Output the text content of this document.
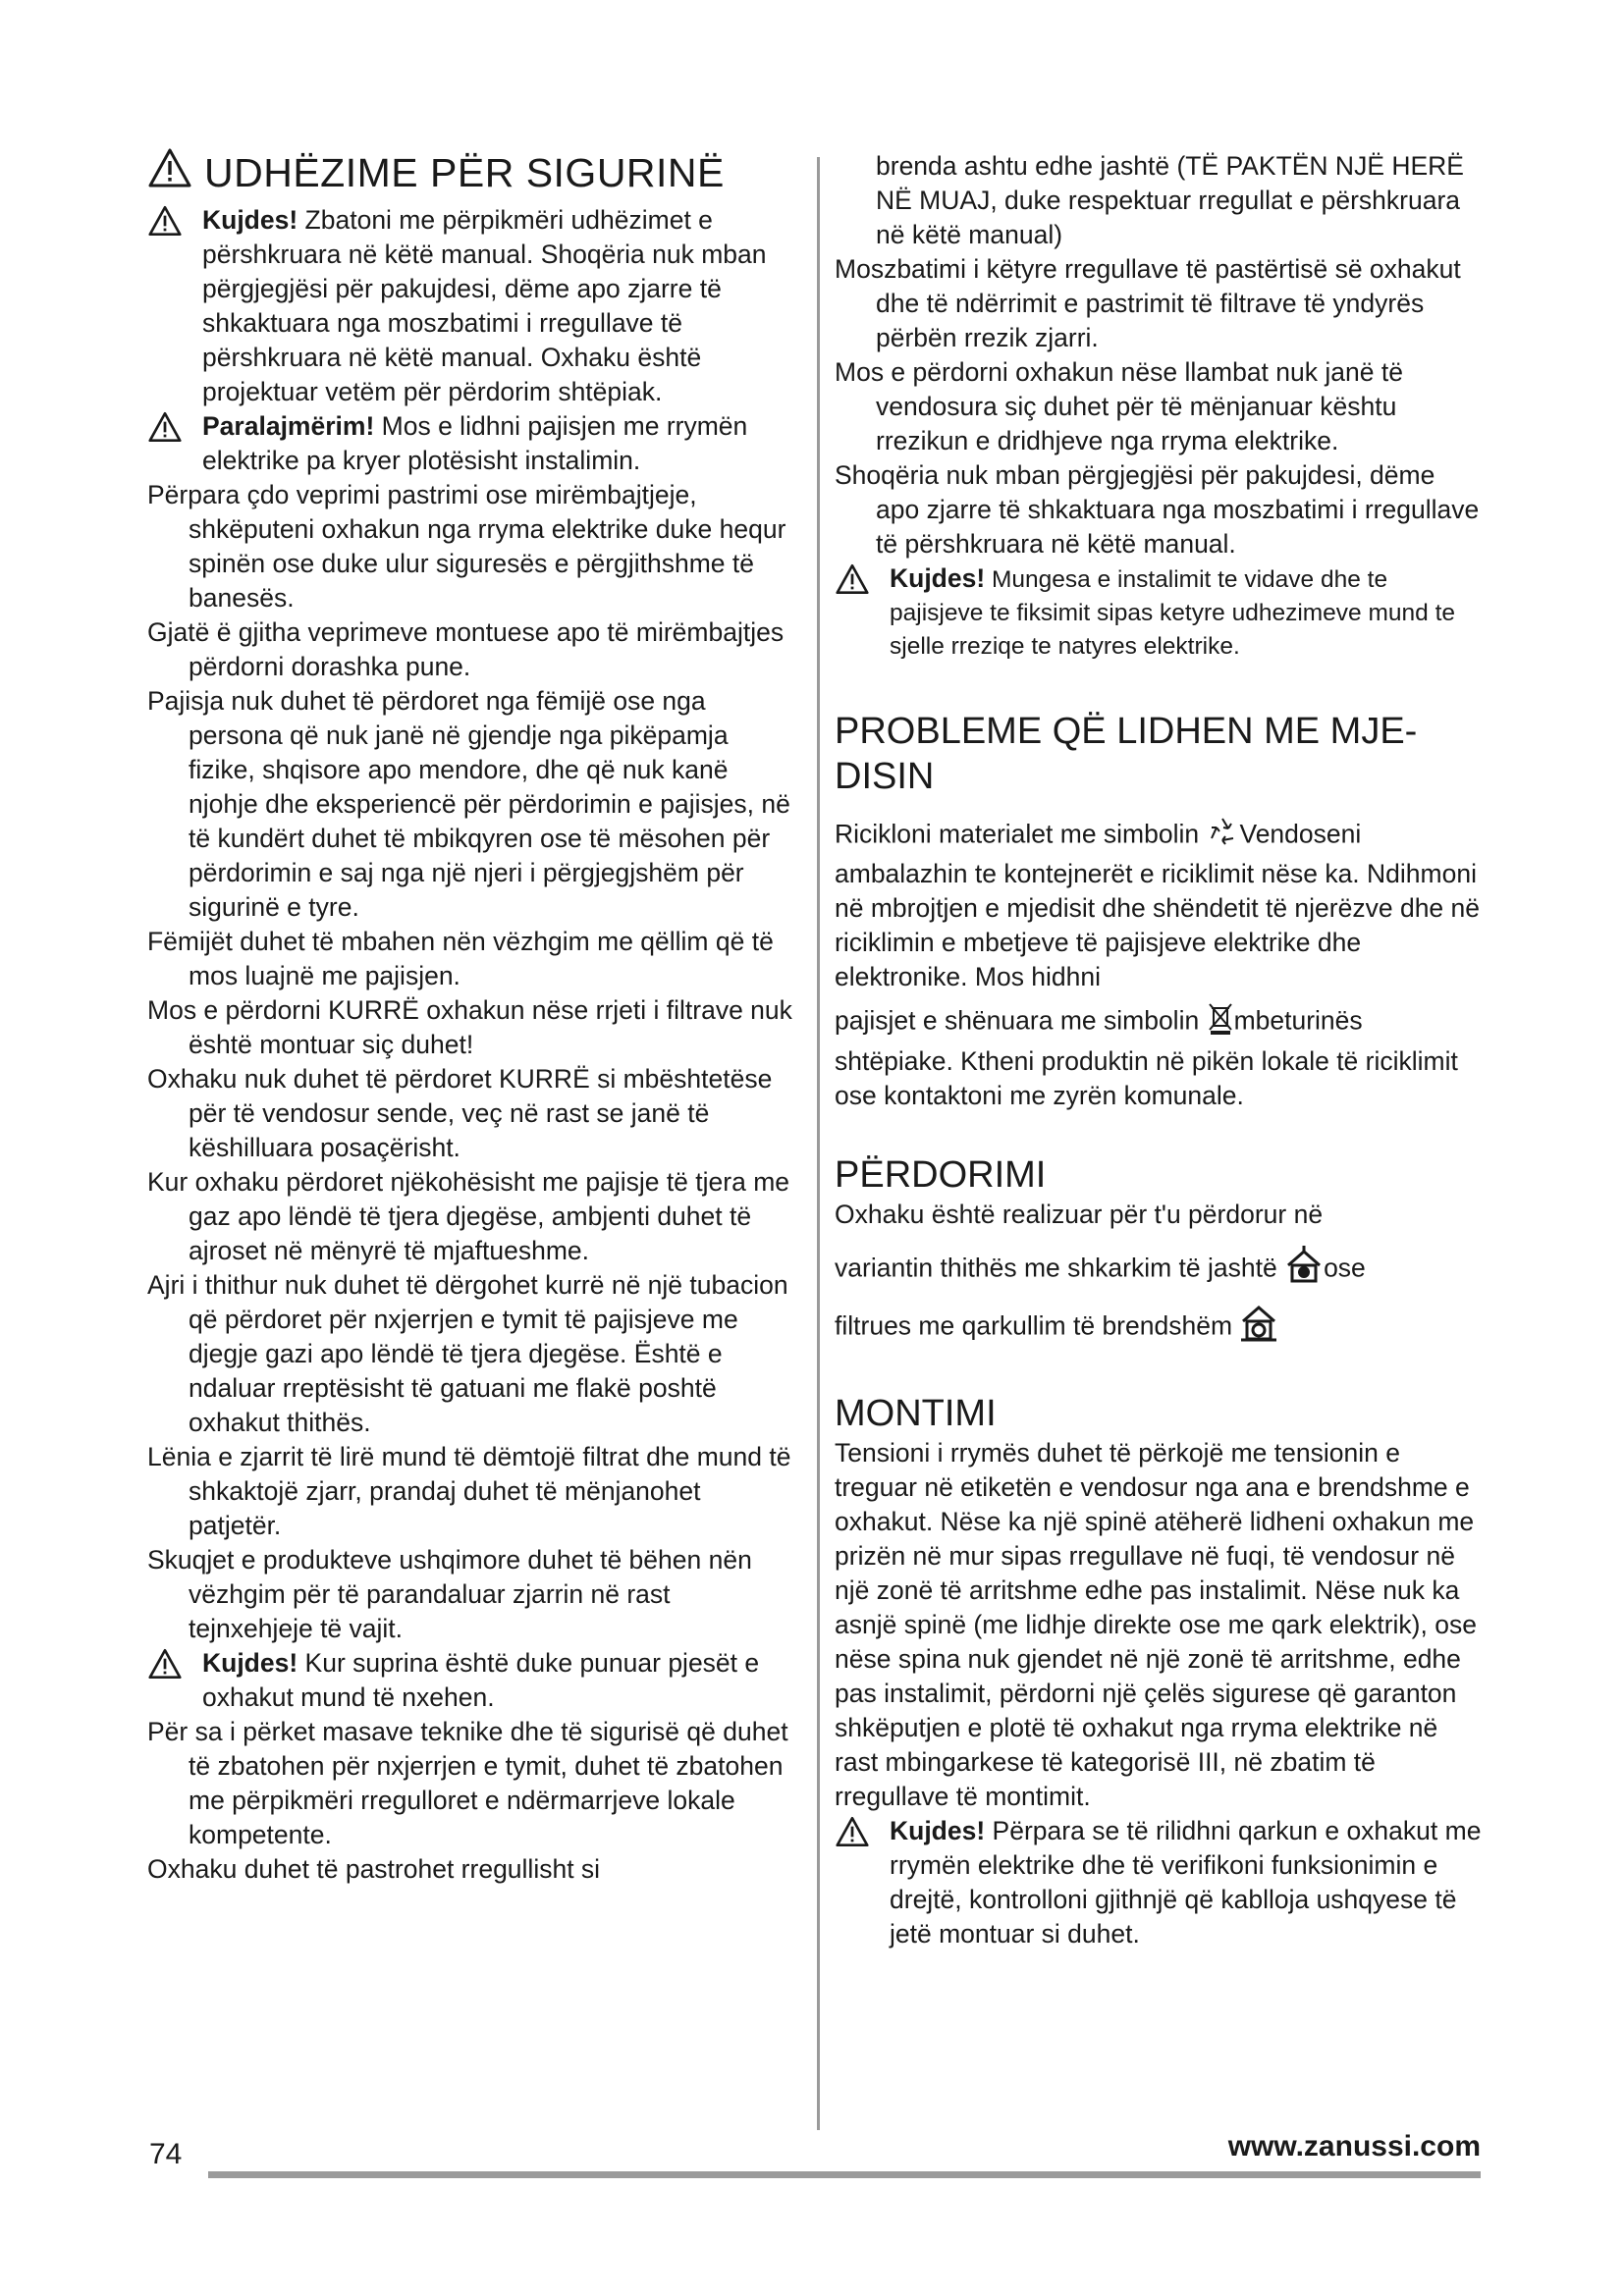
UDHËZIME PËR SIGURINË
Kujdes! Zbatoni me përpikmëri udhëzimet e përshkruara në këtë manual. Shoqëria nuk mban përgjegjësi për pakujdesi, dëme apo zjarre të shkaktuara nga moszbatimi i rregullave të përshkruara në këtë manual. Oxhaku është projektuar vetëm për përdorim shtëpiak.
Paralajmërim! Mos e lidhni pajisjen me rrymën elektrike pa kryer plotësisht instalimin.
Përpara çdo veprimi pastrimi ose mirëmbajtjeje, shkëputeni oxhakun nga rryma elektrike duke hequr spinën ose duke ulur siguresës e përgjithshme të banesës.
Gjatë ë gjitha veprimeve montuese apo të mirëmbajtjes përdorni dorashka pune.
Pajisja nuk duhet të përdoret nga fëmijë ose nga persona që nuk janë në gjendje nga pikëpamja fizike, shqisore apo mendore, dhe që nuk kanë njohje dhe eksperiencë për përdorimin e pajisjes, në të kundërt duhet të mbikqyren ose të mësohen për përdorimin e saj nga një njeri i përgjegjshëm për sigurinë e tyre.
Fëmijët duhet të mbahen nën vëzhgim me qëllim që të mos luajnë me pajisjen.
Mos e përdorni KURRË oxhakun nëse rrjeti i filtrave nuk është montuar siç duhet!
Oxhaku nuk duhet të përdoret KURRË si mbështetëse për të vendosur sende, veç në rast se janë të këshilluara posaçërisht.
Kur oxhaku përdoret njëkohësisht me pajisje të tjera me gaz apo lëndë të tjera djegëse, ambjenti duhet të ajroset në mënyrë të mjaftueshme.
Ajri i thithur nuk duhet të dërgohet kurrë në një tubacion që përdoret për nxjerrjen e tymit të pajisjeve me djegje gazi apo lëndë të tjera djegëse. Është e ndaluar rreptësisht të gatuani me flakë poshtë oxhakut thithës.
Lënia e zjarrit të lirë mund të dëmtojë filtrat dhe mund të shkaktojë zjarr, prandaj duhet të mënjanohet patjetër.
Skuqjet e produkteve ushqimore duhet të bëhen nën vëzhgim për të parandaluar zjarrin në rast tejnxehjeje të vajit.
Kujdes! Kur suprina është duke punuar pjesët e oxhakut mund të nxehen.
Për sa i përket masave teknike dhe të sigurisë që duhet të zbatohen për nxjerrjen e tymit, duhet të zbatohen me përpikmëri rregulloret e ndërmarrjeve lokale kompetente.
Oxhaku duhet të pastrohet rregullisht si
brenda ashtu edhe jashtë (TË PAKTËN NJË HERË NË MUAJ, duke respektuar rregullat e përshkruara në këtë manual)
Moszbatimi i këtyre rregullave të pastërtisë së oxhakut dhe të ndërrimit e pastrimit të filtrave të yndyrës përbën rrezik zjarri.
Mos e përdorni oxhakun nëse llambat nuk janë të vendosura siç duhet për të mënjanuar kështu rrezikun e dridhjeve nga rryma elektrike.
Shoqëria nuk mban përgjegjësi për pakujdesi, dëme apo zjarre të shkaktuara nga moszbatimi i rregullave të përshkruara në këtë manual.
Kujdes! Mungesa e instalimit te vidave dhe te pajisjeve te fiksimit sipas ketyre udhezimeve mund te sjelle rreziqe te natyres elektrike.
PROBLEME QË LIDHEN ME MJE-DISIN
Ricikloni materialet me simbolin Vendoseni ambalazhin te kontejnerët e riciklimit nëse ka. Ndihmoni në mbrojtjen e mjedisit dhe shëndetit të njerëzve dhe në riciklimin e mbetjeve të pajisjeve elektrike dhe elektronike. Mos hidhni
pajisjet e shënuara me simbolin mbeturinës shtëpiake. Ktheni produktin në pikën lokale të riciklimit ose kontaktoni me zyrën komunale.
PËRDORIMI
Oxhaku është realizuar për t'u përdorur në
variantin thithës me shkarkim të jashtë ose
filtrues me qarkullim të brendshëm
MONTIMI
Tensioni i rrymës duhet të përkojë me tensionin e treguar në etiketën e vendosur nga ana e brendshme e oxhakut. Nëse ka një spinë atëherë lidheni oxhakun me prizën në mur sipas rregullave në fuqi, të vendosur në një zonë të arritshme edhe pas instalimit. Nëse nuk ka asnjë spinë (me lidhje direkte ose me qark elektrik), ose nëse spina nuk gjendet në një zonë të arritshme, edhe pas instalimit, përdorni një çelës sigurese që garanton shkëputjen e plotë të oxhakut nga rryma elektrike në rast mbingarkese të kategorisë III, në zbatim të rregullave të montimit.
Kujdes! Përpara se të rilidhni qarkun e oxhakut me rrymën elektrike dhe të verifikoni funksionimin e drejtë, kontrolloni gjithnjë që kablloja ushqyese të jetë montuar si duhet.
74	www.zanussi.com
